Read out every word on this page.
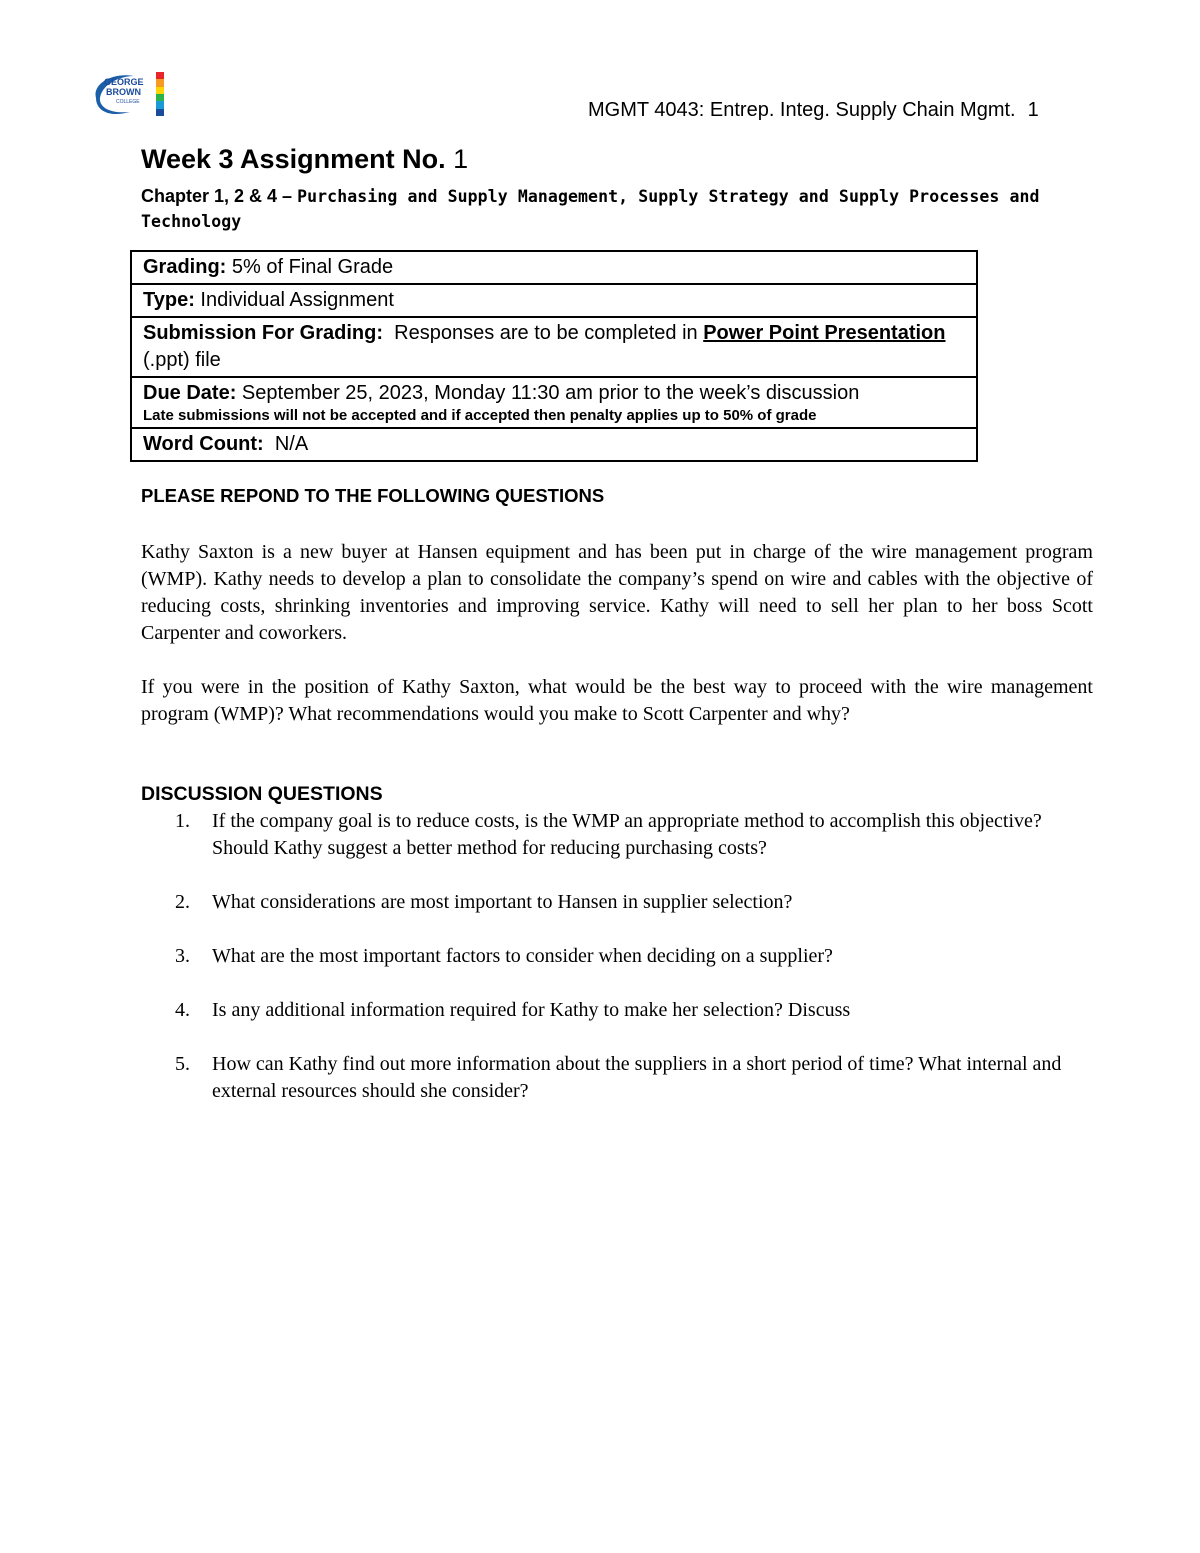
GEORGE
BROWN
COLLEGE	MGMT 4043: Entrep. Integ. Supply Chain Mgmt. 1
Week 3 Assignment No. 1
Chapter 1, 2 & 4 – Purchasing and Supply Management, Supply Strategy and Supply Processes and Technology
Grading: 5% of Final Grade
Type: Individual Assignment
Submission For Grading: Responses are to be completed in Power Point Presentation (.ppt) file
Due Date: September 25, 2023, Monday 11:30 am prior to the week’s discussion
Late submissions will not be accepted and if accepted then penalty applies up to 50% of grade

Word Count: N/A
PLEASE REPOND TO THE FOLLOWING QUESTIONS

Kathy Saxton is a new buyer at Hansen equipment and has been put in charge of the wire management program (WMP). Kathy needs to develop a plan to consolidate the company’s spend on wire and cables with the objective of reducing costs, shrinking inventories and improving service. Kathy will need to sell her plan to her boss Scott Carpenter and coworkers.

If you were in the position of Kathy Saxton, what would be the best way to proceed with the wire management program (WMP)? What recommendations would you make to Scott Carpenter and why?

DISCUSSION QUESTIONS
1. If the company goal is to reduce costs, is the WMP an appropriate method to accomplish this objective? Should Kathy suggest a better method for reducing purchasing costs?
2. What considerations are most important to Hansen in supplier selection?
3. What are the most important factors to consider when deciding on a supplier?
4. Is any additional information required for Kathy to make her selection? Discuss
5. How can Kathy find out more information about the suppliers in a short period of time? What internal and external resources should she consider?
